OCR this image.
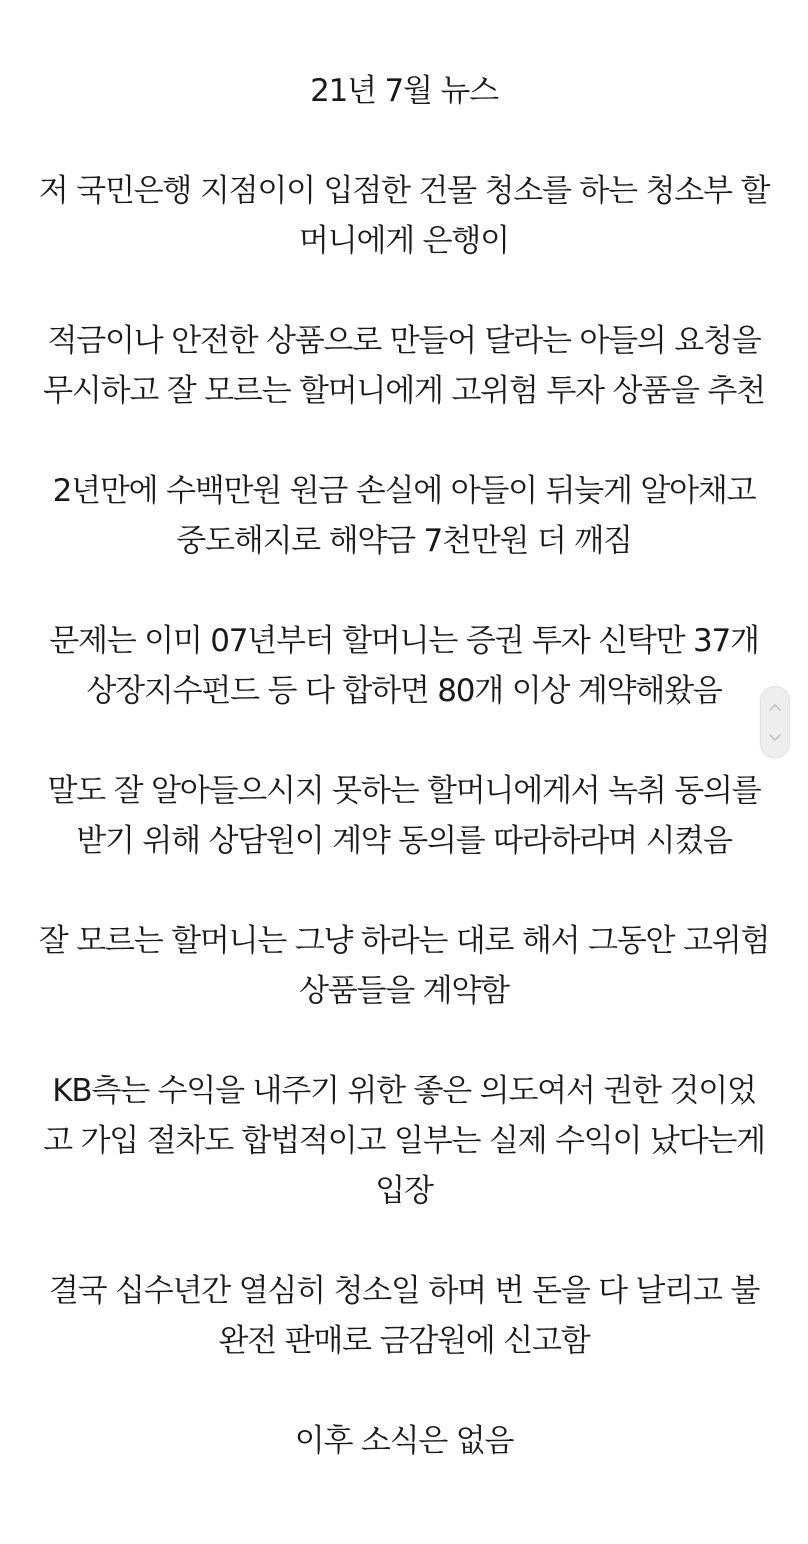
21년 7월 뉴스

저 국민은행 지점이이 입점한 건물 청소를 하는 청소부 할
머니에게 은행이

적금이나 안전한 상품으로 만들어 달라는 아들의 요청을
무시하고 잘 모르는 할머니에게 고위험 투자 상품을 추천

2년만에 수백만원 원금 손실에 아들이 뒤늦게 알아채고
중도해지로 해약금 7천만원 더 깨짐

문제는 이미 07년부터 할머니는 증권 투자 신탁만 37개
상장지수펀드 등 다 합하면 80개 이상 계약해왔음

말도 잘 알아들으시지 못하는 할머니에게서 녹취 동의를
받기 위해 상담원이 계약 동의를 따라하라며 시켰음

잘 모르는 할머니는 그냥 하라는 대로 해서 그동안 고위험
상품들을 계약함

KB측는 수익을 내주기 위한 좋은 의도여서 권한 것이었
고 가입 절차도 합법적이고 일부는 실제 수익이 났다는게
입장

결국 십수년간 열심히 청소일 하며 번 돈을 다 날리고 불
완전 판매로 금감원에 신고함

이후 소식은 없음
